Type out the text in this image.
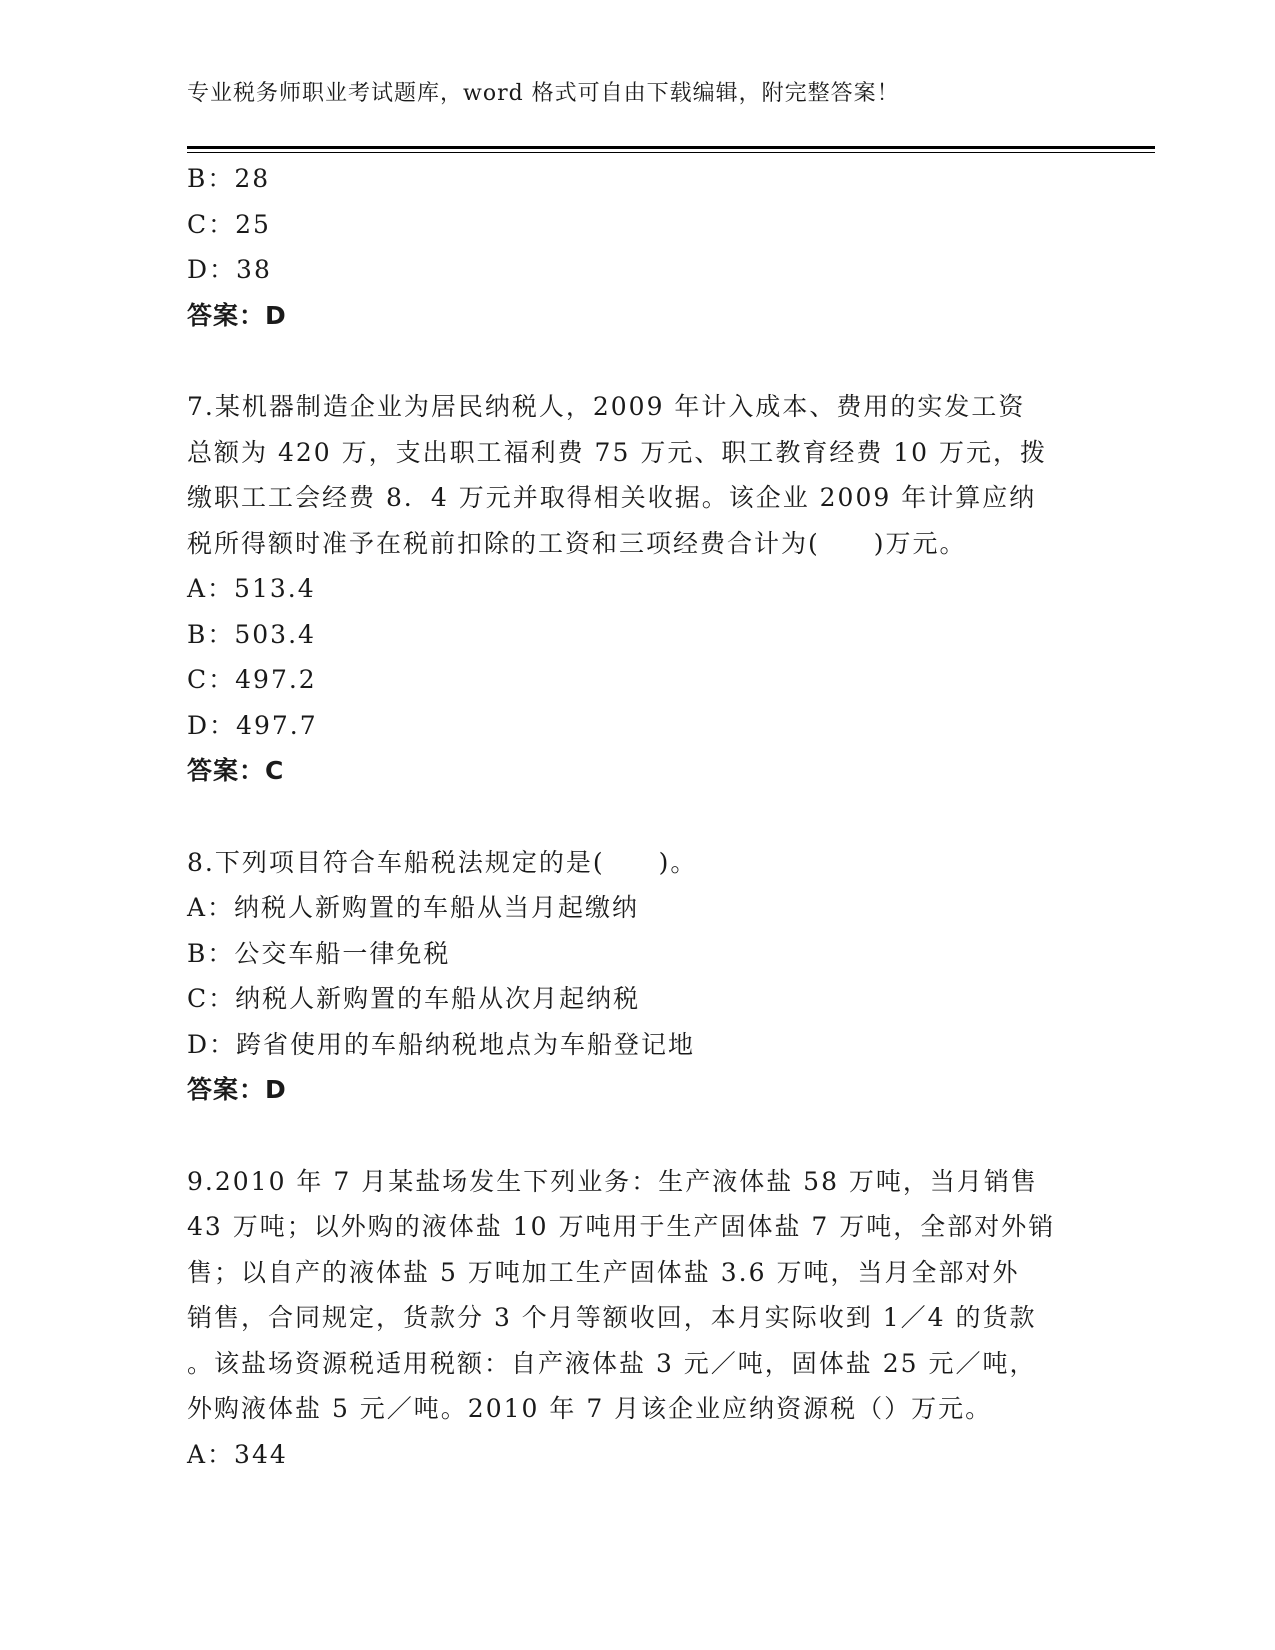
专业税务师职业考试题库，word 格式可自由下载编辑，附完整答案！
B：28
C：25
D：38
答案：D
7.某机器制造企业为居民纳税人，2009 年计入成本、费用的实发工资
总额为 420 万，支出职工福利费 75 万元、职工教育经费 10 万元，拨
缴职工工会经费 8．4 万元并取得相关收据。该企业 2009 年计算应纳
税所得额时准予在税前扣除的工资和三项经费合计为(　　)万元。
A：513.4
B：503.4
C：497.2
D：497.7
答案：C
8.下列项目符合车船税法规定的是(　　)。
A：纳税人新购置的车船从当月起缴纳
B：公交车船一律免税
C：纳税人新购置的车船从次月起纳税
D：跨省使用的车船纳税地点为车船登记地
答案：D
9.2010 年 7 月某盐场发生下列业务：生产液体盐 58 万吨，当月销售
43 万吨；以外购的液体盐 10 万吨用于生产固体盐 7 万吨，全部对外销
售；以自产的液体盐 5 万吨加工生产固体盐 3.6 万吨，当月全部对外
销售，合同规定，货款分 3 个月等额收回，本月实际收到 1／4 的货款
。该盐场资源税适用税额：自产液体盐 3 元／吨，固体盐 25 元／吨，
外购液体盐 5 元／吨。2010 年 7 月该企业应纳资源税（）万元。
A：344
